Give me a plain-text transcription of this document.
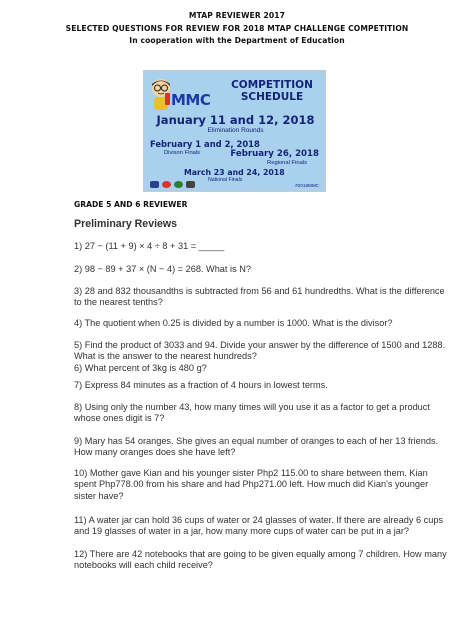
MTAP REVIEWER 2017
SELECTED QUESTIONS FOR REVIEW FOR 2018 MTAP CHALLENGE COMPETITION
In cooperation with the Department of Education
MMC
COMPETITION
SCHEDULE
January 11 and 12, 2018
Elimination Rounds
February 1 and 2, 2018
Divison Finals	February 26, 2018
Regional Finals
March 23 and 24, 2018
National Finals
#2018MMC
GRADE 5 AND 6 REVIEWER
Preliminary Reviews
1) 27 − (11 + 9) × 4 ÷ 8 + 31 = _____
2) 98 − 89 + 37 × (N − 4) = 268. What is N?
3) 28 and 832 thousandths is subtracted from 56 and 61 hundredths. What is the difference
to the nearest tenths?
4) The quotient when 0.25 is divided by a number is 1000. What is the divisor?
5) Find the product of 3033 and 94. Divide your answer by the difference of 1500 and 1288.
What is the answer to the nearest hundreds?
6) What percent of 3kg is 480 g?
7) Express 84 minutes as a fraction of 4 hours in lowest terms.
8) Using only the number 43, how many times will you use it as a factor to get a product
whose ones digit is 7?
9) Mary has 54 oranges. She gives an equal number of oranges to each of her 13 friends.
How many oranges does she have left?
10) Mother gave Kian and his younger sister Php2 115.00 to share between them. Kian
spent Php778.00 from his share and had Php271.00 left. How much did Kian's younger
sister have?
11) A water jar can hold 36 cups of water or 24 glasses of water. If there are already 6 cups
and 19 glasses of water in a jar, how many more cups of water can be put in a jar?
12) There are 42 notebooks that are going to be given equally among 7 children. How many
notebooks will each child receive?
